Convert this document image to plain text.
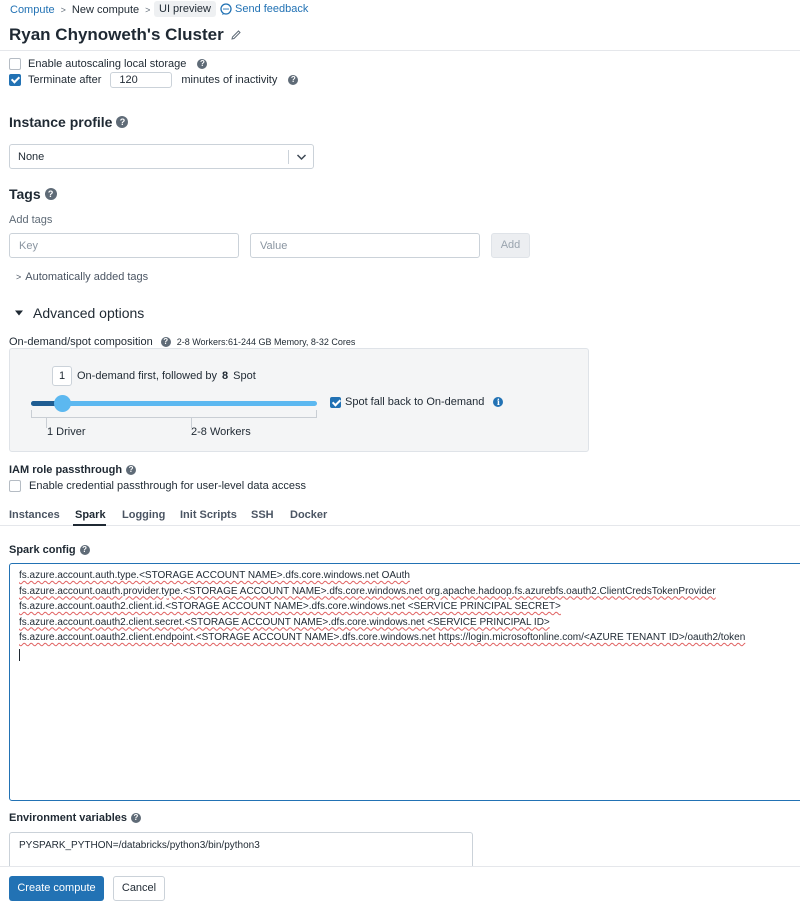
Compute > New compute > UI preview	Send feedback
Ryan Chynoweth's Cluster
Enable autoscaling local storage	?
Terminate after
120	minutes of inactivity	?
Instance profile ?
None
Tags ?
Add tags
Key	Value	Add
> Automatically added tags
Advanced options
On-demand/spot composition	? 2-8 Workers:61-244 GB Memory, 8-32 Cores
1	On-demand first, followed by 8 Spot
1 Driver	2-8 Workers
Spot fall back to On-demand	i
IAM role passthrough ?
Enable credential passthrough for user-level data access
Instances Spark Logging Init Scripts SSH Docker
Spark config ?
fs.azure.account.auth.type.<STORAGE ACCOUNT NAME>.dfs.core.windows.net OAuth
fs.azure.account.oauth.provider.type.<STORAGE ACCOUNT NAME>.dfs.core.windows.net org.apache.hadoop.fs.azurebfs.oauth2.ClientCredsTokenProvider
fs.azure.account.oauth2.client.id.<STORAGE ACCOUNT NAME>.dfs.core.windows.net <SERVICE PRINCIPAL SECRET>
fs.azure.account.oauth2.client.secret.<STORAGE ACCOUNT NAME>.dfs.core.windows.net <SERVICE PRINCIPAL ID>
fs.azure.account.oauth2.client.endpoint.<STORAGE ACCOUNT NAME>.dfs.core.windows.net https://login.microsoftonline.com/<AZURE TENANT ID>/oauth2/token
Environment variables ?
PYSPARK_PYTHON=/databricks/python3/bin/python3
Create compute	Cancel
